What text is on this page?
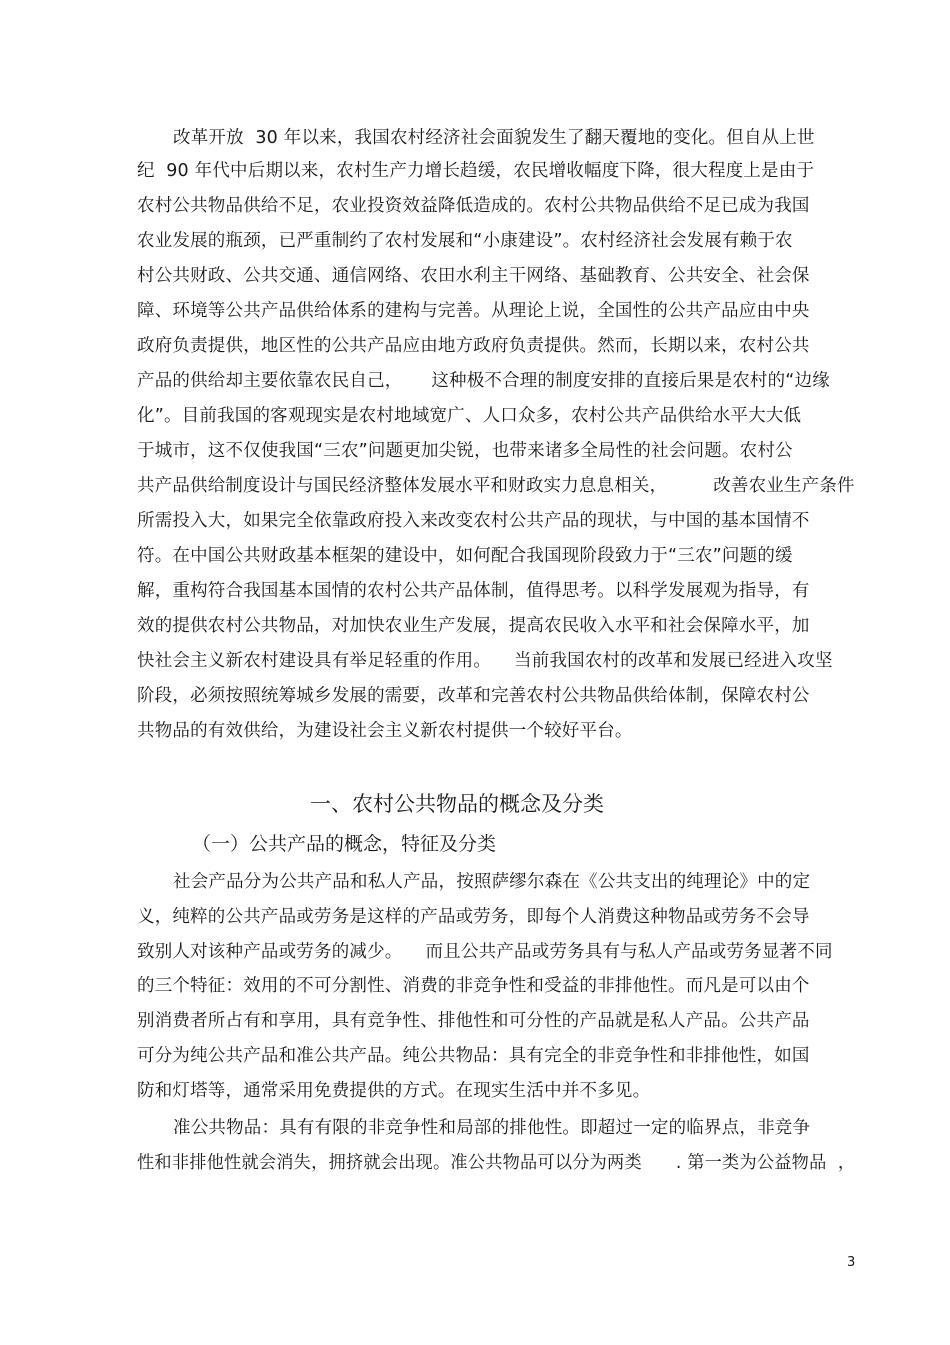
改革开放  30 年以来，我国农村经济社会面貌发生了翻天覆地的变化。但自从上世
纪  90 年代中后期以来，农村生产力增长趋缓，农民增收幅度下降，很大程度上是由于
农村公共物品供给不足，农业投资效益降低造成的。农村公共物品供给不足已成为我国
农业发展的瓶颈，已严重制约了农村发展和“小康建设”。农村经济社会发展有赖于农
村公共财政、公共交通、通信网络、农田水利主干网络、基础教育、公共安全、社会保
障、环境等公共产品供给体系的建构与完善。从理论上说，全国性的公共产品应由中央
政府负责提供，地区性的公共产品应由地方政府负责提供。然而，长期以来，农村公共
产品的供给却主要依靠农民自己，     这种极不合理的制度安排的直接后果是农村的“边缘
化”。目前我国的客观现实是农村地域宽广、人口众多，农村公共产品供给水平大大低
于城市，这不仅使我国“三农”问题更加尖锐，也带来诸多全局性的社会问题。农村公
共产品供给制度设计与国民经济整体发展水平和财政实力息息相关，        改善农业生产条件
所需投入大，如果完全依靠政府投入来改变农村公共产品的现状，与中国的基本国情不
符。在中国公共财政基本框架的建设中，如何配合我国现阶段致力于“三农”问题的缓
解，重构符合我国基本国情的农村公共产品体制，值得思考。以科学发展观为指导，有
效的提供农村公共物品，对加快农业生产发展，提高农民收入水平和社会保障水平，加
快社会主义新农村建设具有举足轻重的作用。    当前我国农村的改革和发展已经进入攻坚
阶段，必须按照统筹城乡发展的需要，改革和完善农村公共物品供给体制，保障农村公
共物品的有效供给，为建设社会主义新农村提供一个较好平台。
一、农村公共物品的概念及分类
（一）公共产品的概念，特征及分类
社会产品分为公共产品和私人产品，按照萨缪尔森在《公共支出的纯理论》中的定
义，纯粹的公共产品或劳务是这样的产品或劳务，即每个人消费这种物品或劳务不会导
致别人对该种产品或劳务的减少。    而且公共产品或劳务具有与私人产品或劳务显著不同
的三个特征：效用的不可分割性、消费的非竞争性和受益的非排他性。而凡是可以由个
别消费者所占有和享用，具有竞争性、排他性和可分性的产品就是私人产品。公共产品
可分为纯公共产品和准公共产品。纯公共物品：具有完全的非竞争性和非排他性，如国
防和灯塔等，通常采用免费提供的方式。在现实生活中并不多见。
准公共物品：具有有限的非竞争性和局部的排他性。即超过一定的临界点，非竞争
性和非排他性就会消失，拥挤就会出现。准公共物品可以分为两类      . 第一类为公益物品  ，
3
